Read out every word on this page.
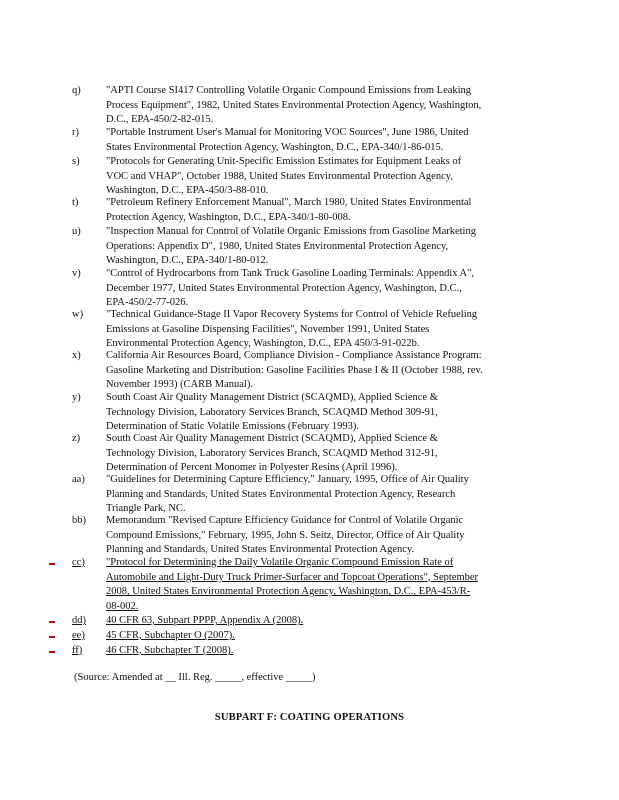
q)	"APTI Course SI417 Controlling Volatile Organic Compound Emissions from Leaking
Process Equipment", 1982, United States Environmental Protection Agency, Washington,
D.C., EPA-450/2-82-015.
r)	"Portable Instrument User's Manual for Monitoring VOC Sources", June 1986, United
States Environmental Protection Agency, Washington, D.C., EPA-340/1-86-015.
s)	"Protocols for Generating Unit-Specific Emission Estimates for Equipment Leaks of
VOC and VHAP", October 1988, United States Environmental Protection Agency,
Washington, D.C., EPA-450/3-88-010.
t)	"Petroleum Refinery Enforcement Manual", March 1980, United States Environmental
Protection Agency, Washington, D.C., EPA-340/1-80-008.
u)	"Inspection Manual for Control of Volatile Organic Emissions from Gasoline Marketing
Operations: Appendix D", 1980, United States Environmental Protection Agency,
Washington, D.C., EPA-340/1-80-012.
v)	"Control of Hydrocarbons from Tank Truck Gasoline Loading Terminals: Appendix A",
December 1977, United States Environmental Protection Agency, Washington, D.C.,
EPA-450/2-77-026.
w)	"Technical Guidance-Stage II Vapor Recovery Systems for Control of Vehicle Refueling
Emissions at Gasoline Dispensing Facilities", November 1991, United States
Environmental Protection Agency, Washington, D.C., EPA 450/3-91-022b.
x)	California Air Resources Board, Compliance Division - Compliance Assistance Program:
Gasoline Marketing and Distribution: Gasoline Facilities Phase I & II (October 1988, rev.
November 1993) (CARB Manual).
y)	South Coast Air Quality Management District (SCAQMD), Applied Science &
Technology Division, Laboratory Services Branch, SCAQMD Method 309-91,
Determination of Static Volatile Emissions (February 1993).
z)	South Coast Air Quality Management District (SCAQMD), Applied Science &
Technology Division, Laboratory Services Branch, SCAQMD Method 312-91,
Determination of Percent Monomer in Polyester Resins (April 1996).
aa)	"Guidelines for Determining Capture Efficiency," January, 1995, Office of Air Quality
Planning and Standards, United States Environmental Protection Agency, Research
Triangle Park, NC.
bb)	Memorandum "Revised Capture Efficiency Guidance for Control of Volatile Organic
Compound Emissions," February, 1995, John S. Seitz, Director, Office of Air Quality
Planning and Standards, United States Environmental Protection Agency.
cc)	"Protocol for Determining the Daily Volatile Organic Compound Emission Rate of
Automobile and Light-Duty Truck Primer-Surfacer and Topcoat Operations", September
2008, United States Environmental Protection Agency, Washington, D.C., EPA-453/R-
08-002.
dd)	40 CFR 63, Subpart PPPP, Appendix A (2008).
ee)	45 CFR, Subchapter O (2007).
ff)	46 CFR, Subchapter T (2008).
(Source: Amended at __ Ill. Reg. _____, effective _____)
SUBPART F: COATING OPERATIONS
